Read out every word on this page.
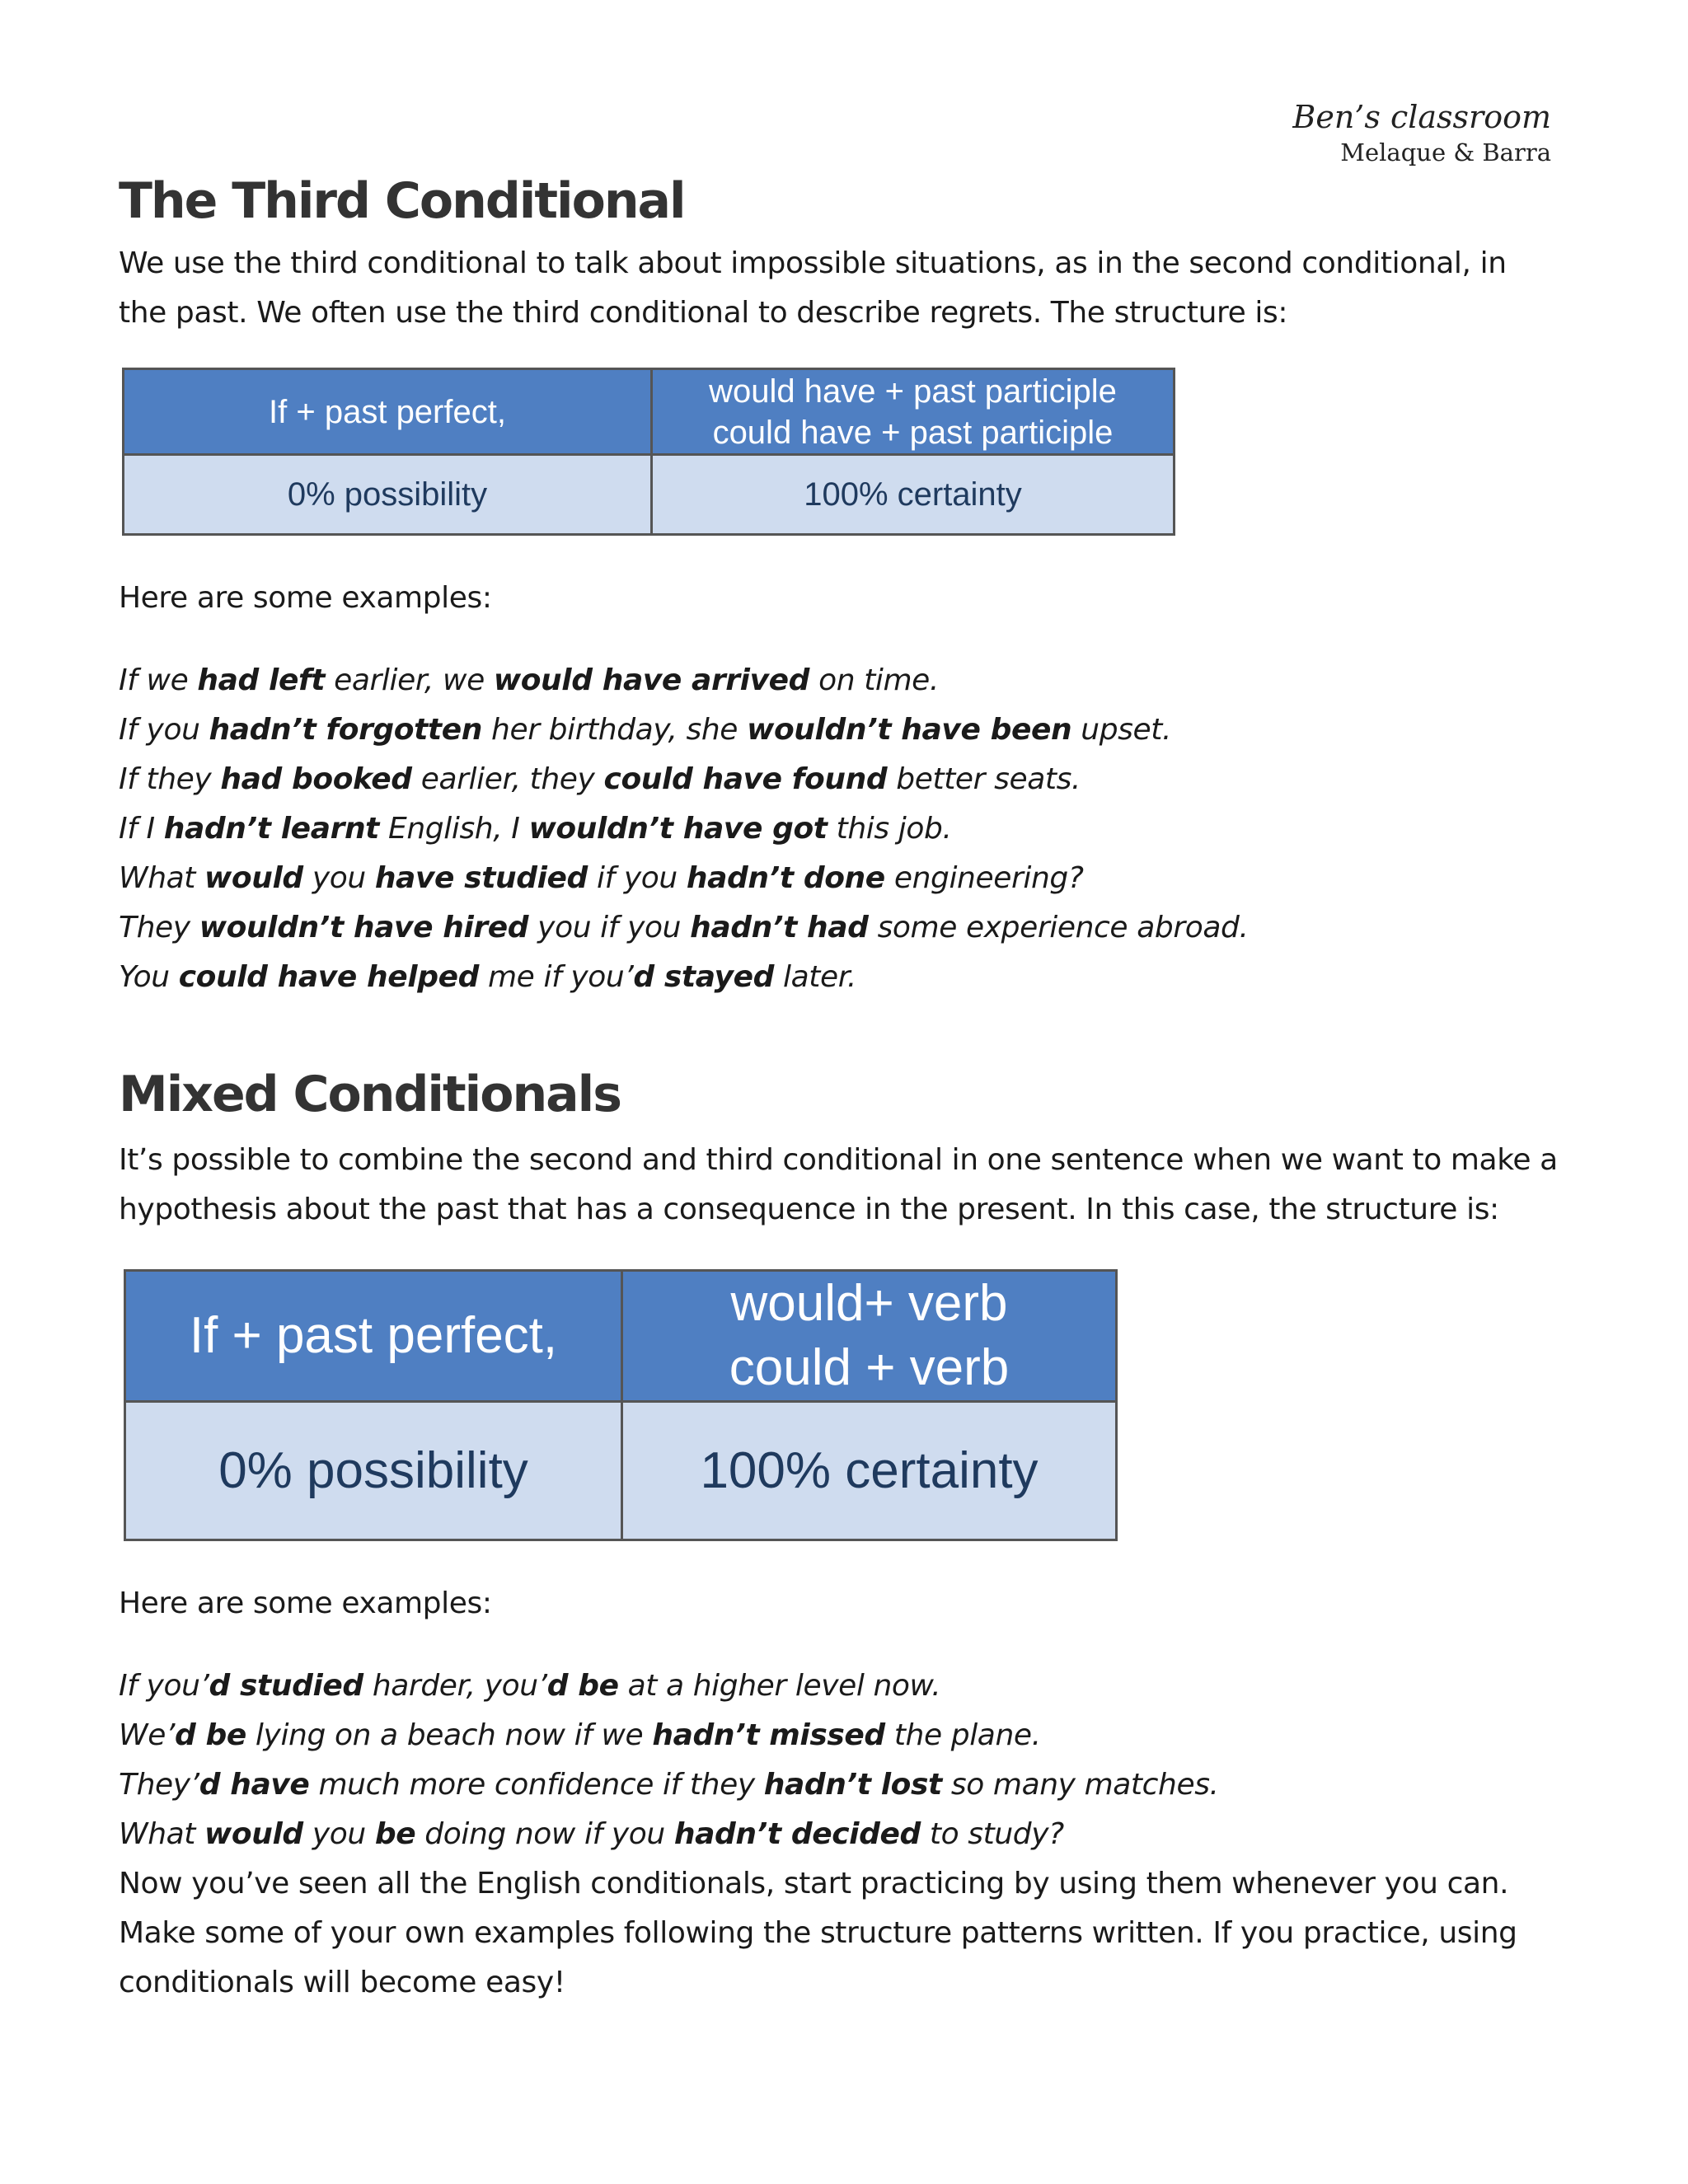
Ben’s classroom
Melaque & Barra
The Third Conditional

We use the third conditional to talk about impossible situations, as in the second conditional, in the past. We often use the third conditional to describe regrets. The structure is:

If + past perfect,	would have + past participle
could have + past participle

0% possibility	100% certainty

Here are some examples:

If we had left earlier, we would have arrived on time.
If you hadn’t forgotten her birthday, she wouldn’t have been upset.
If they had booked earlier, they could have found better seats.
If I hadn’t learnt English, I wouldn’t have got this job.
What would you have studied if you hadn’t done engineering?
They wouldn’t have hired you if you hadn’t had some experience abroad.
You could have helped me if you’d stayed later.
Mixed Conditionals

It’s possible to combine the second and third conditional in one sentence when we want to make a hypothesis about the past that has a consequence in the present. In this case, the structure is:

If + past perfect,	would+ verb
could + verb

0% possibility	100% certainty

Here are some examples:

If you’d studied harder, you’d be at a higher level now.
We’d be lying on a beach now if we hadn’t missed the plane.
They’d have much more confidence if they hadn’t lost so many matches.
What would you be doing now if you hadn’t decided to study?

Now you’ve seen all the English conditionals, start practicing by using them whenever you can. Make some of your own examples following the structure patterns written. If you practice, using conditionals will become easy!
